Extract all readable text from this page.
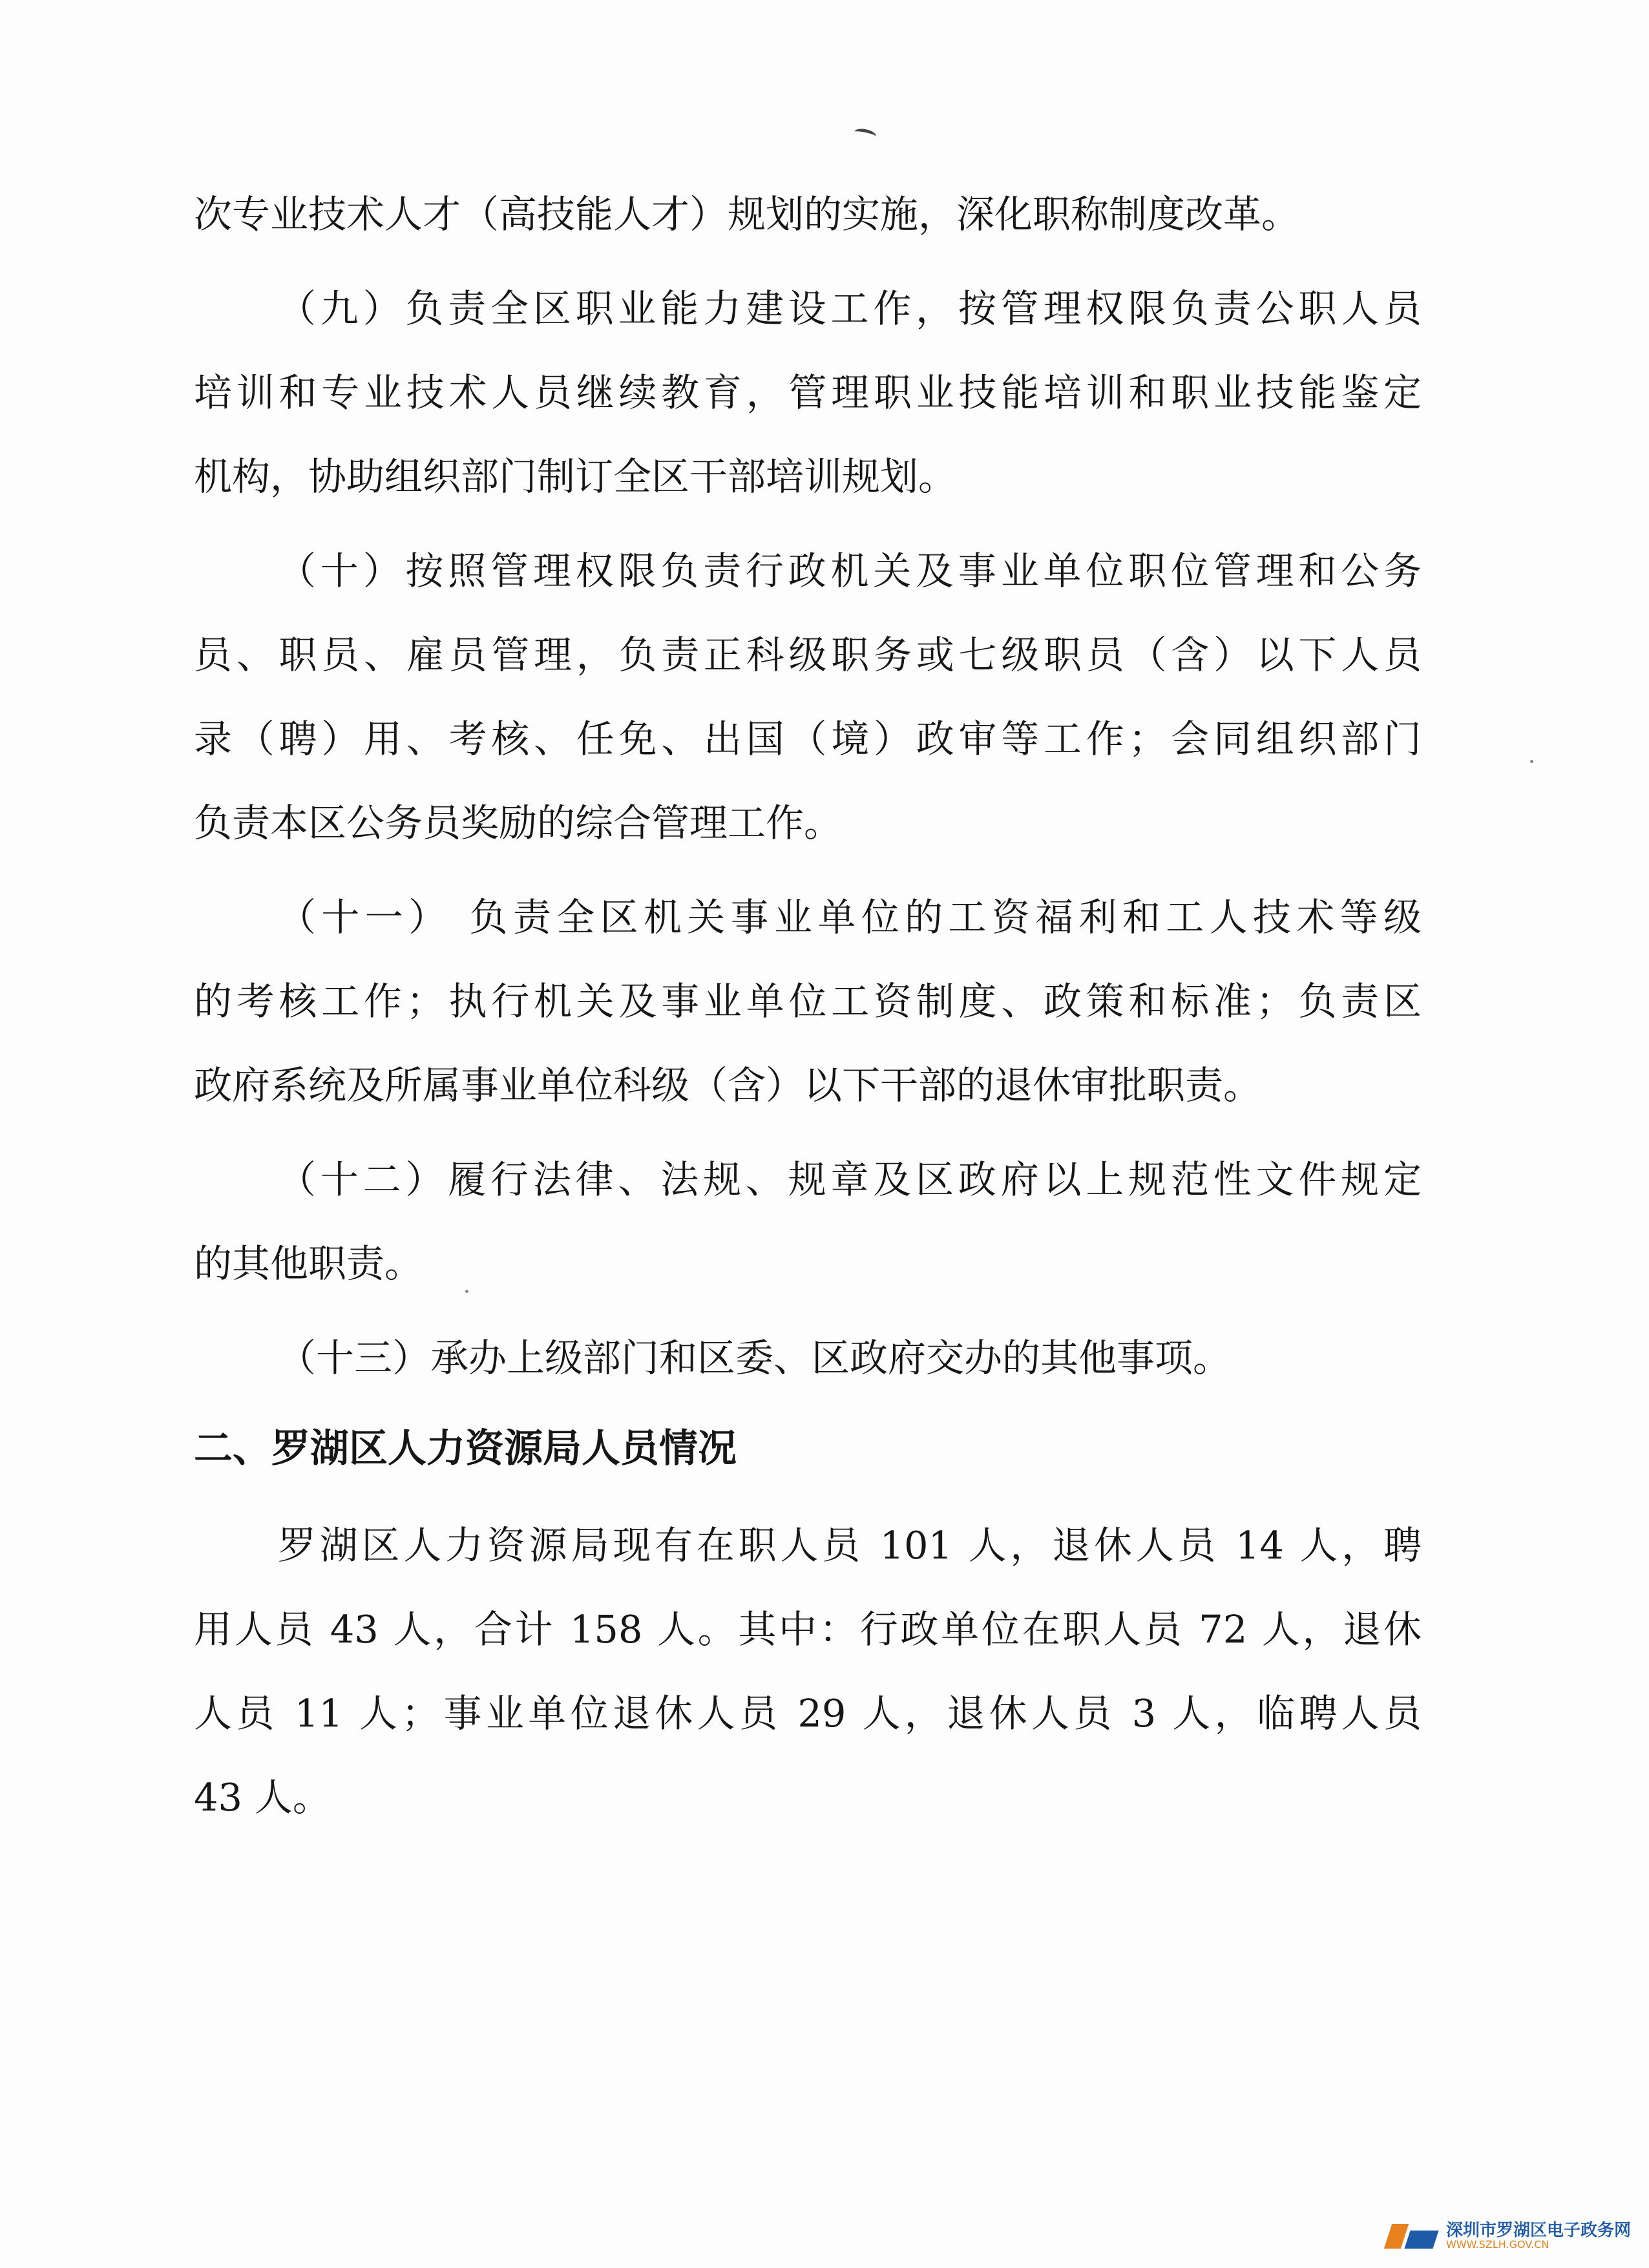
次专业技术人才（高技能人才）规划的实施，深化职称制度改革。
（九）负责全区职业能力建设工作，按管理权限负责公职人员
培训和专业技术人员继续教育，管理职业技能培训和职业技能鉴定
机构，协助组织部门制订全区干部培训规划。
（十）按照管理权限负责行政机关及事业单位职位管理和公务
员、职员、雇员管理，负责正科级职务或七级职员（含）以下人员
录（聘）用、考核、任免、出国（境）政审等工作；会同组织部门
负责本区公务员奖励的综合管理工作。
（十一） 负责全区机关事业单位的工资福利和工人技术等级
的考核工作；执行机关及事业单位工资制度、政策和标准；负责区
政府系统及所属事业单位科级（含）以下干部的退休审批职责。
（十二）履行法律、法规、规章及区政府以上规范性文件规定
的其他职责。
（十三）承办上级部门和区委、区政府交办的其他事项。
二、罗湖区人力资源局人员情况
罗湖区人力资源局现有在职人员 101 人，退休人员 14 人，聘
用人员 43 人，合计 158 人。其中：行政单位在职人员 72 人，退休
人员 11 人；事业单位退休人员 29 人，退休人员 3 人，临聘人员
43 人。
深圳市罗湖区电子政务网
WWW.SZLH.GOV.CN
